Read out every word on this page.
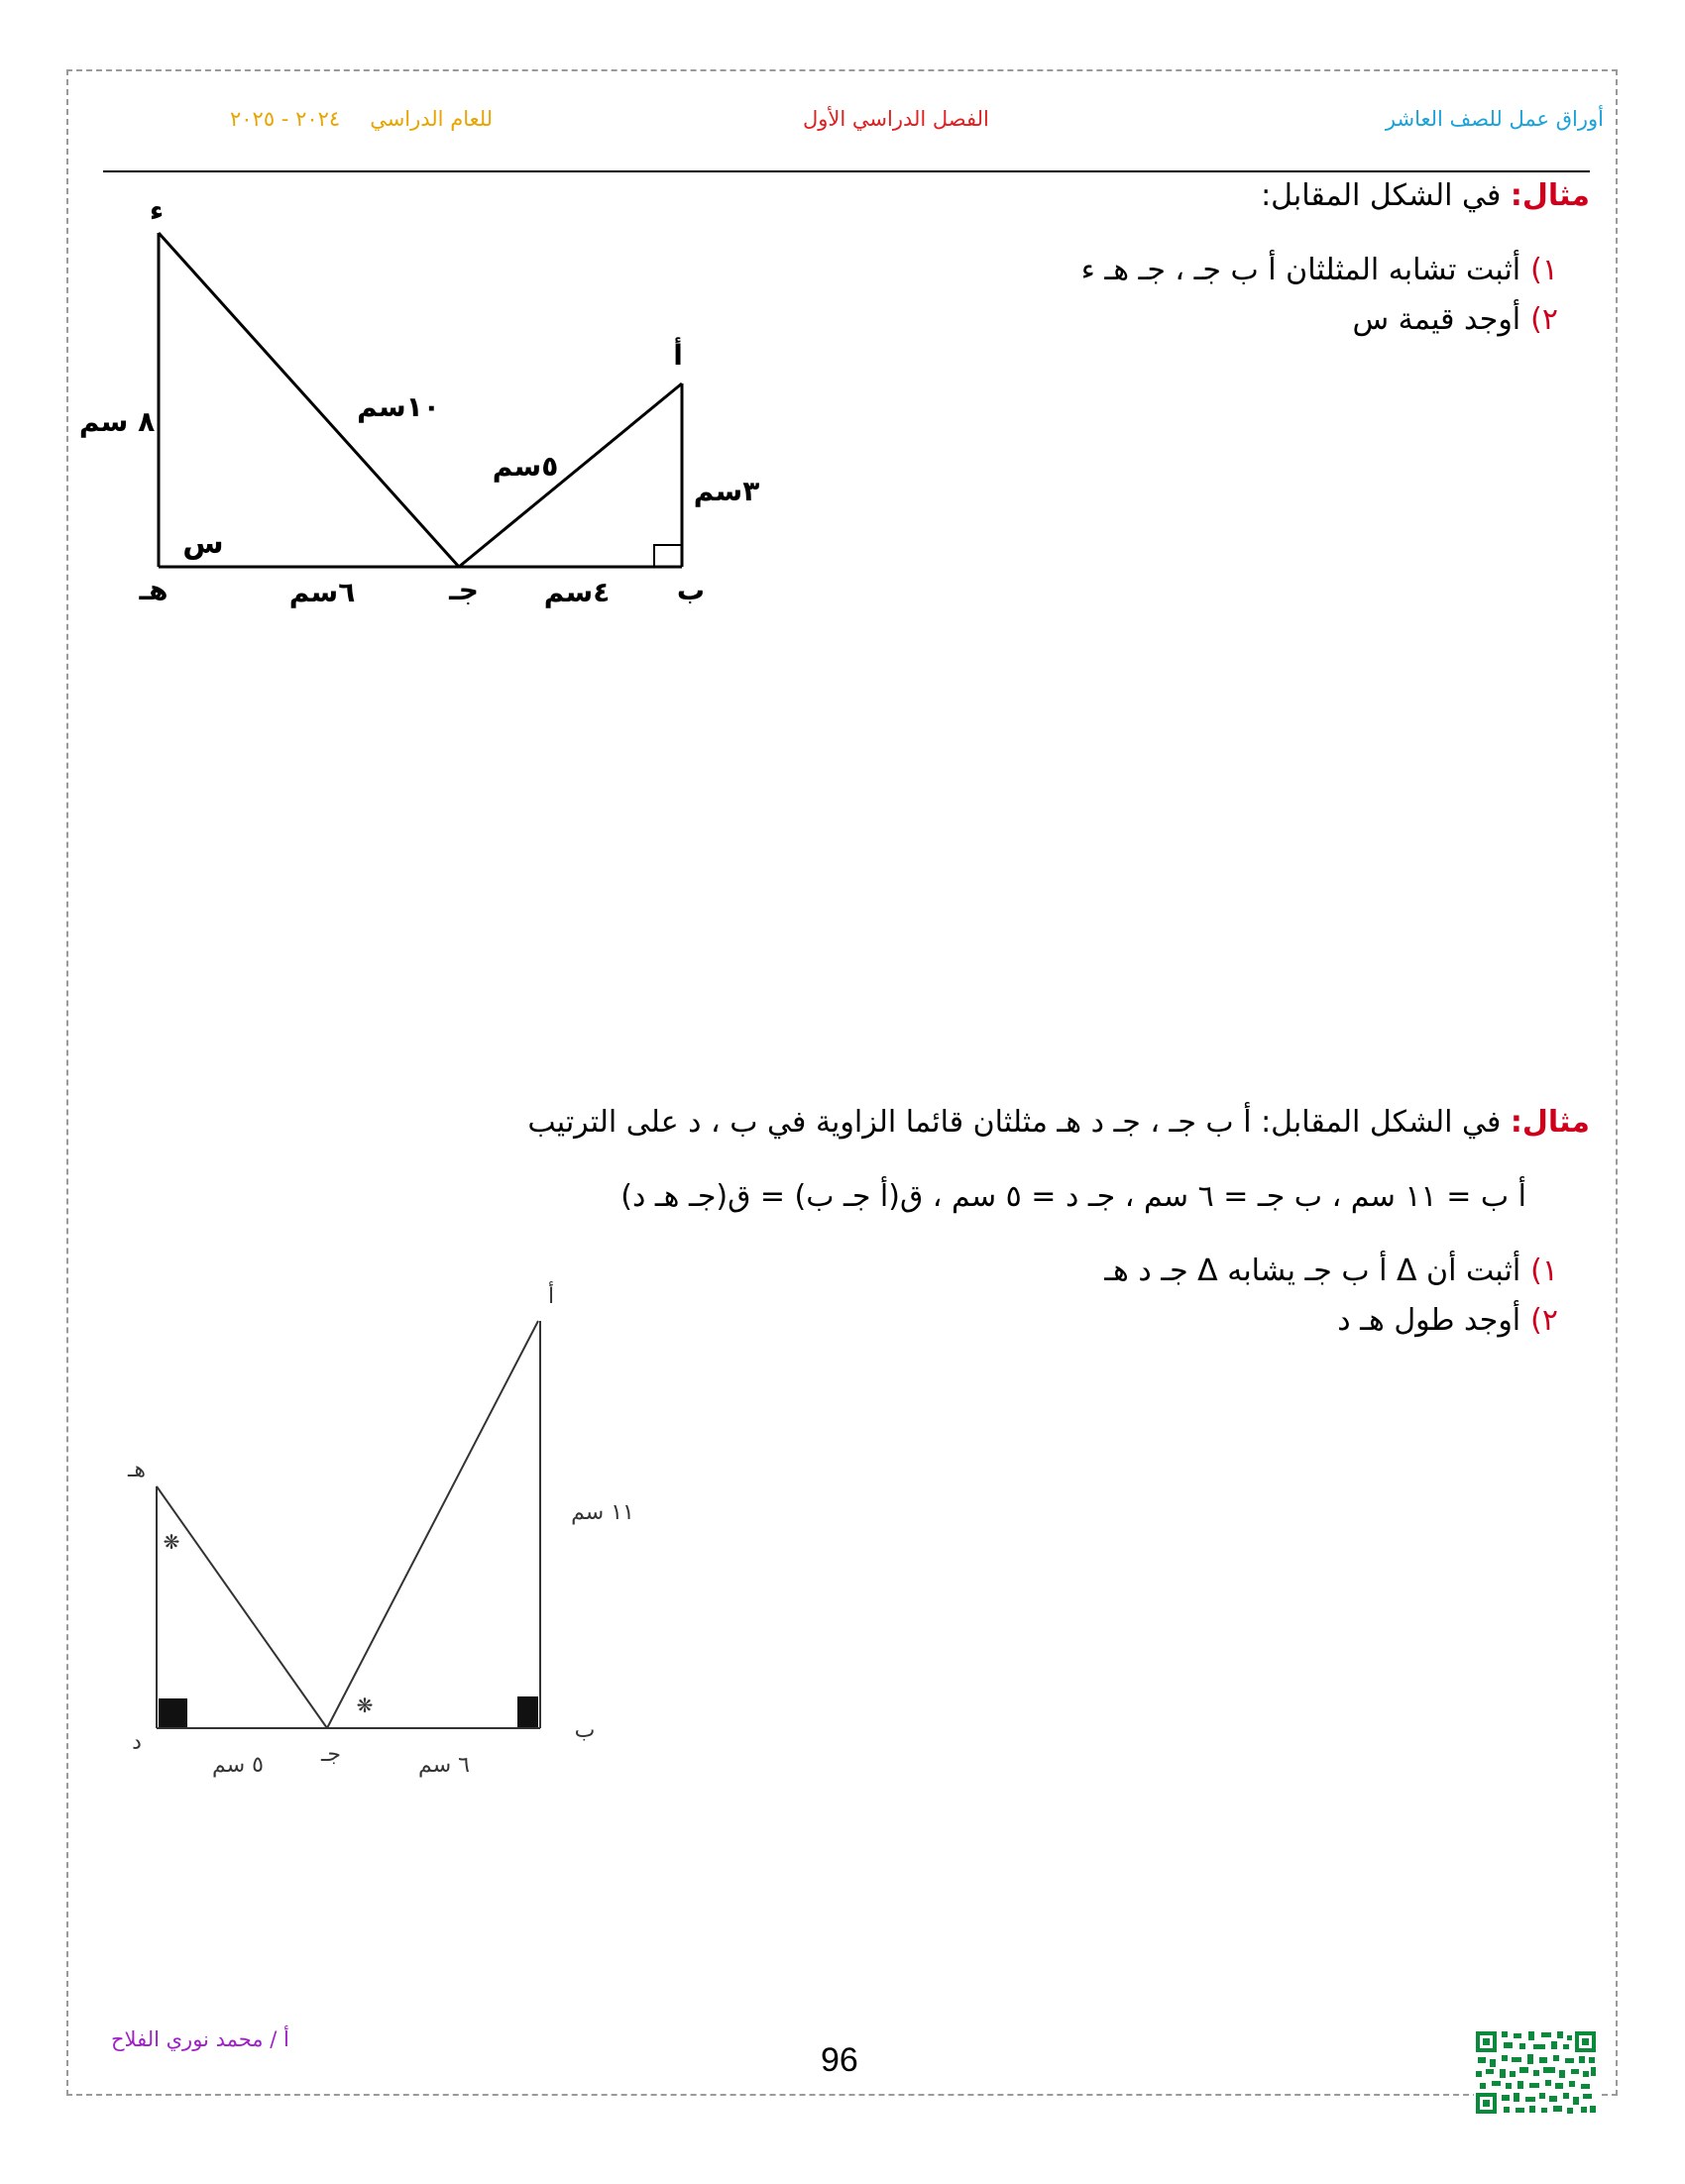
أوراق عمل للصف العاشر
الفصل الدراسي الأول
للعام الدراسي٢٠٢٤ - ٢٠٢٥
مثال: في الشكل المقابل:
١)أثبت تشابه المثلثان أ ب جـ ، جـ هـ ء
٢)أوجد قيمة س
ء
أ
هـ	جـ	ب
٨ سم	١٠سم
٥سم
٣سم
٦سم	٤سم
س
مثال: في الشكل المقابل: أ ب جـ ، جـ د هـ مثلثان قائما الزاوية في ب ، د على الترتيب
أ ب = ١١ سم ، ب جـ = ٦ سم ، جـ د = ٥ سم ، ق(أ جـ ب) = ق(جـ هـ د)
١)أثبت أن Δ أ ب جـ يشابه Δ جـ د هـ
٢)أوجد طول هـ د
أ
هـ
د	جـ
ب
١١ سم
٥ سم	٦ سم
❋
❋
أ / محمد نوري الفلاح
96
